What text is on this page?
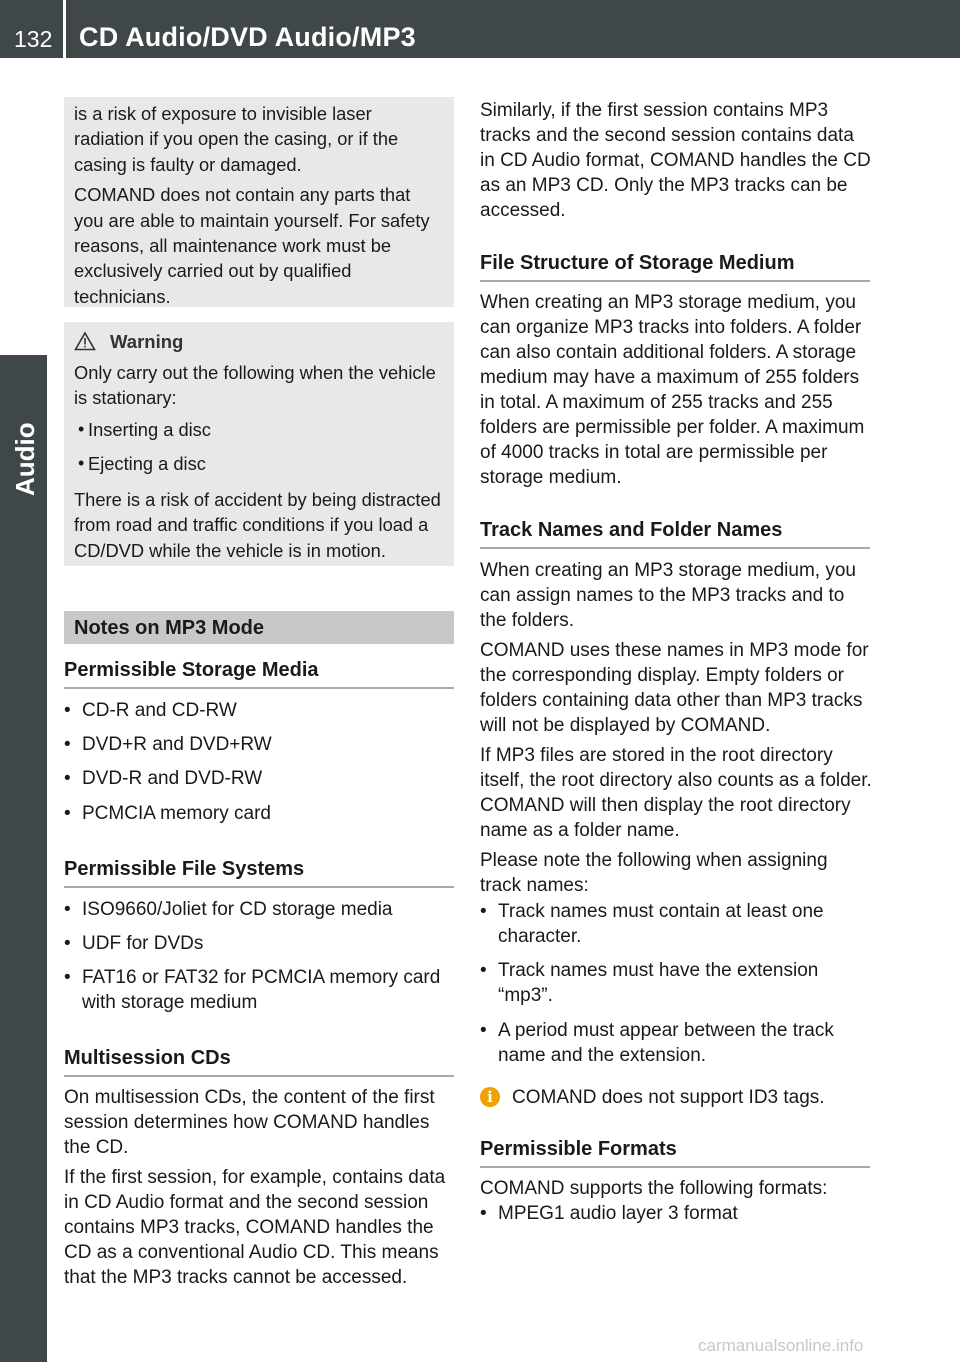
132 CD Audio/DVD Audio/MP3
Audio

is a risk of exposure to invisible laser radiation if you open the casing, or if the casing is faulty or damaged.

COMAND does not contain any parts that you are able to maintain yourself. For safety reasons, all maintenance work must be exclusively carried out by qualified technicians.

Warning

Only carry out the following when the vehicle is stationary:

• Inserting a disc
• Ejecting a disc

There is a risk of accident by being distracted from road and traffic conditions if you load a CD/DVD while the vehicle is in motion.

Notes on MP3 Mode
Permissible Storage Media
• CD-R and CD-RW
• DVD+R and DVD+RW
• DVD-R and DVD-RW
• PCMCIA memory card
Permissible File Systems
• ISO9660/Joliet for CD storage media
• UDF for DVDs
• FAT16 or FAT32 for PCMCIA memory card with storage medium
Multisession CDs

On multisession CDs, the content of the first session determines how COMAND handles the CD.

If the first session, for example, contains data in CD Audio format and the second session contains MP3 tracks, COMAND handles the CD as a conventional Audio CD. This means that the MP3 tracks cannot be accessed.

Similarly, if the first session contains MP3 tracks and the second session contains data in CD Audio format, COMAND handles the CD as an MP3 CD. Only the MP3 tracks can be accessed.

File Structure of Storage Medium

When creating an MP3 storage medium, you can organize MP3 tracks into folders. A folder can also contain additional folders. A storage medium may have a maximum of 255 folders in total. A maximum of 255 tracks and 255 folders are permissible per folder. A maximum of 4000 tracks in total are permissible per storage medium.

Track Names and Folder Names

When creating an MP3 storage medium, you can assign names to the MP3 tracks and to the folders.

COMAND uses these names in MP3 mode for the corresponding display. Empty folders or folders containing data other than MP3 tracks will not be displayed by COMAND.

If MP3 files are stored in the root directory itself, the root directory also counts as a folder. COMAND will then display the root directory name as a folder name.

Please note the following when assigning track names:

• Track names must contain at least one character.
• Track names must have the extension “mp3”.
• A period must appear between the track name and the extension.
i	COMAND does not support ID3 tags.

Permissible Formats

COMAND supports the following formats:

• MPEG1 audio layer 3 format
carmanualsonline.info
